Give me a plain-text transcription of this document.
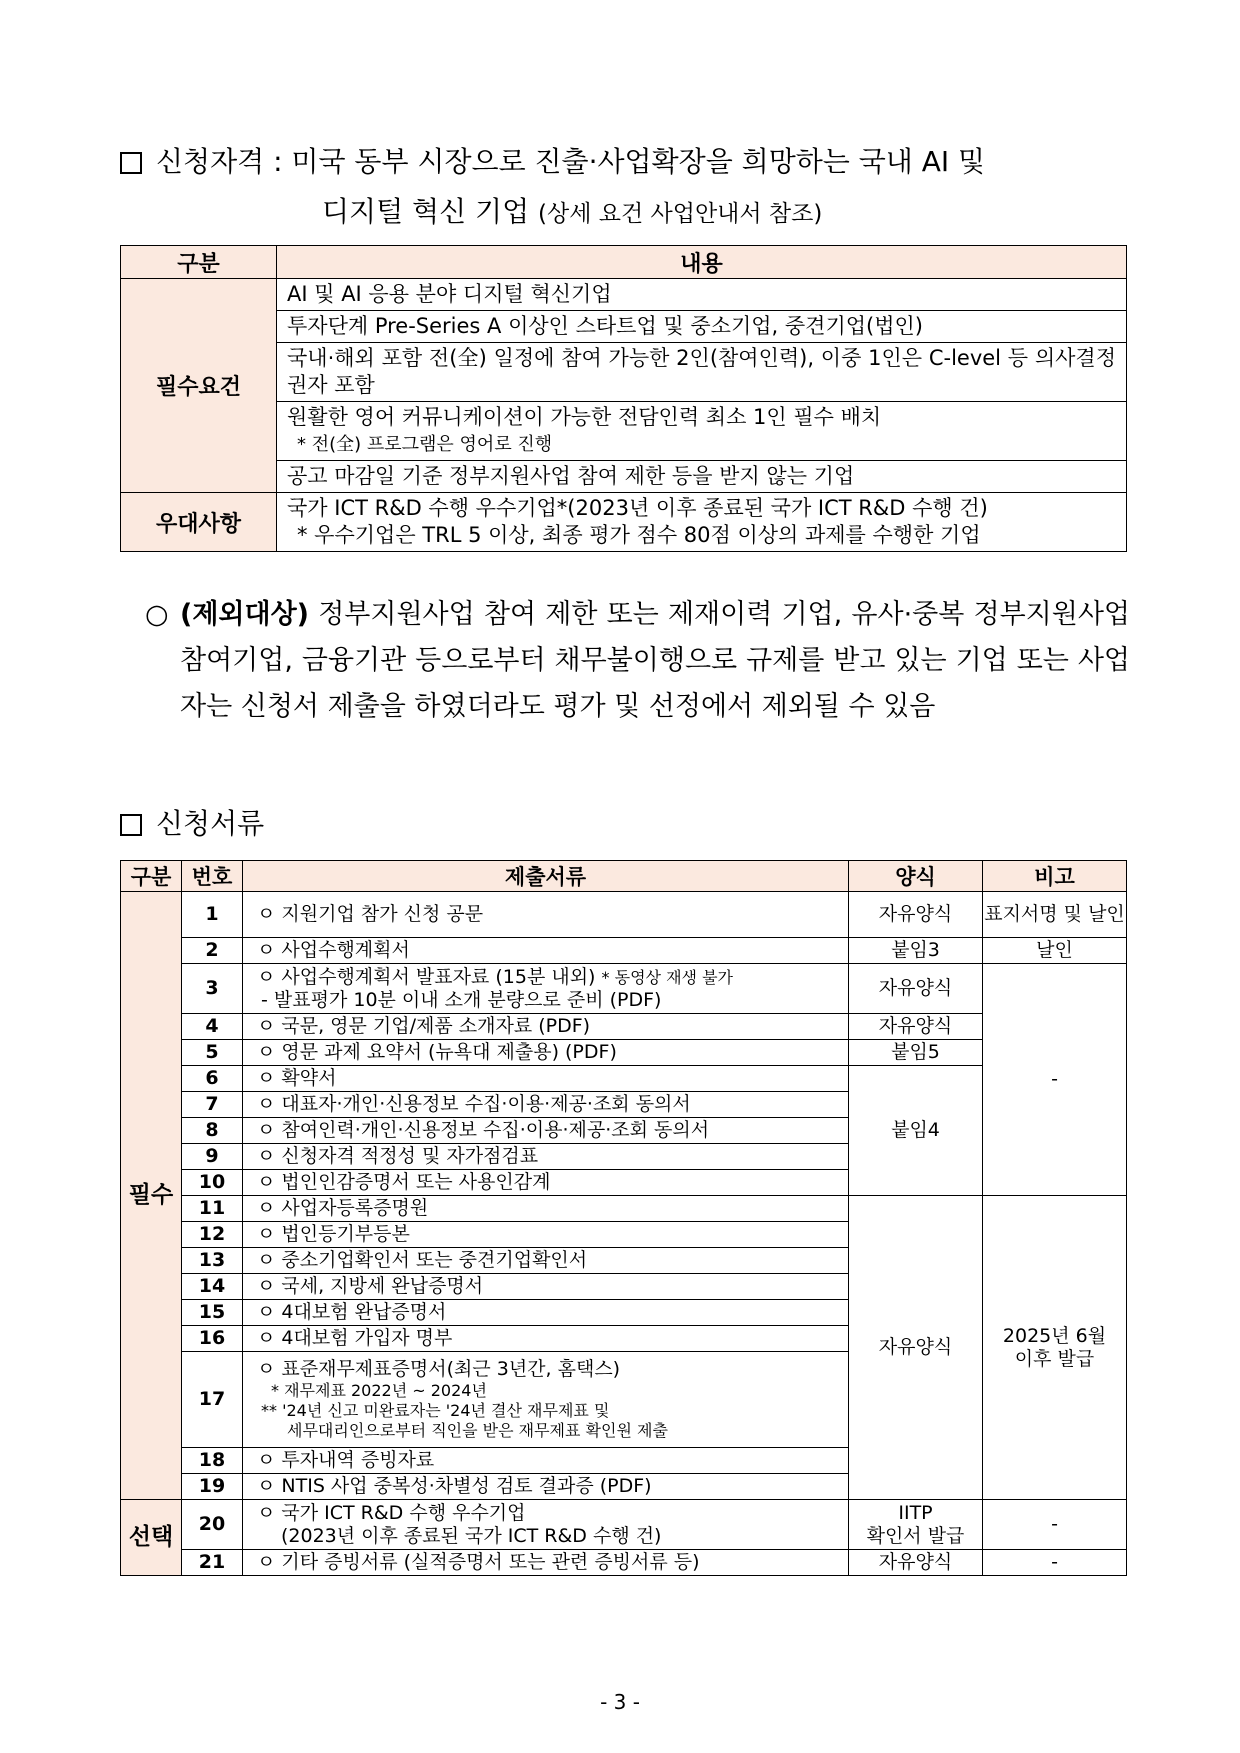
신청자격 : 미국 동부 시장으로 진출·사업확장을 희망하는 국내 AI 및
디지털 혁신 기업 (상세 요건 사업안내서 참조)
구분	내용
필수요건	AI 및 AI 응용 분야 디지털 혁신기업
	투자단계 Pre-Series A 이상인 스타트업 및 중소기업, 중견기업(법인)
	국내·해외 포함 전(全) 일정에 참여 가능한 2인(참여인력), 이중 1인은 C-level 등 의사결정권자 포함
	원활한 영어 커뮤니케이션이 가능한 전담인력 최소 1인 필수 배치
* 전(全) 프로그램은 영어로 진행

	공고 마감일 기준 정부지원사업 참여 제한 등을 받지 않는 기업
우대사항	국가 ICT R&D 수행 우수기업*(2023년 이후 종료된 국가 ICT R&D 수행 건)
* 우수기업은 TRL 5 이상, 최종 평가 점수 80점 이상의 과제를 수행한 기업
○ (제외대상) 정부지원사업 참여 제한 또는 제재이력 기업, 유사·중복 정부지원사업 참여기업, 금융기관 등으로부터 채무불이행으로 규제를 받고 있는 기업 또는 사업자는 신청서 제출을 하였더라도 평가 및 선정에서 제외될 수 있음
신청서류
구분	번호	제출서류	양식	비고
필수	1	ㅇ 지원기업 참가 신청 공문	자유양식	표지서명 및 날인
	2	ㅇ 사업수행계획서	붙임3	날인
	3	ㅇ 사업수행계획서 발표자료 (15분 내외) * 동영상 재생 불가
- 발표평가 10분 이내 소개 분량으로 준비 (PDF)	자유양식	-
	4	ㅇ 국문, 영문 기업/제품 소개자료 (PDF)	자유양식	
	5	ㅇ 영문 과제 요약서 (뉴욕대 제출용) (PDF)	붙임5	
	6	ㅇ 확약서	붙임4	
	7	ㅇ 대표자·개인·신용정보 수집·이용·제공·조회 동의서		
	8	ㅇ 참여인력·개인·신용정보 수집·이용·제공·조회 동의서		
	9	ㅇ 신청자격 적정성 및 자가점검표		
	10	ㅇ 법인인감증명서 또는 사용인감계		
	11	ㅇ 사업자등록증명원	자유양식	2025년 6월
이후 발급
	12	ㅇ 법인등기부등본		
	13	ㅇ 중소기업확인서 또는 중견기업확인서		
	14	ㅇ 국세, 지방세 완납증명서		
	15	ㅇ 4대보험 완납증명서		
	16	ㅇ 4대보험 가입자 명부		
	17	ㅇ 표준재무제표증명서(최근 3년간, 홈택스)
* 재무제표 2022년 ~ 2024년
** '24년 신고 미완료자는 '24년 결산 재무제표 및
세무대리인으로부터 직인을 받은 재무제표 확인원 제출		

	18	ㅇ 투자내역 증빙자료		
	19	ㅇ NTIS 사업 중복성·차별성 검토 결과증 (PDF)		
선택	20	ㅇ 국가 ICT R&D 수행 우수기업
(2023년 이후 종료된 국가 ICT R&D 수행 건)	IITP
확인서 발급	-
	21	ㅇ 기타 증빙서류 (실적증명서 또는 관련 증빙서류 등)	자유양식	-
- 3 -
